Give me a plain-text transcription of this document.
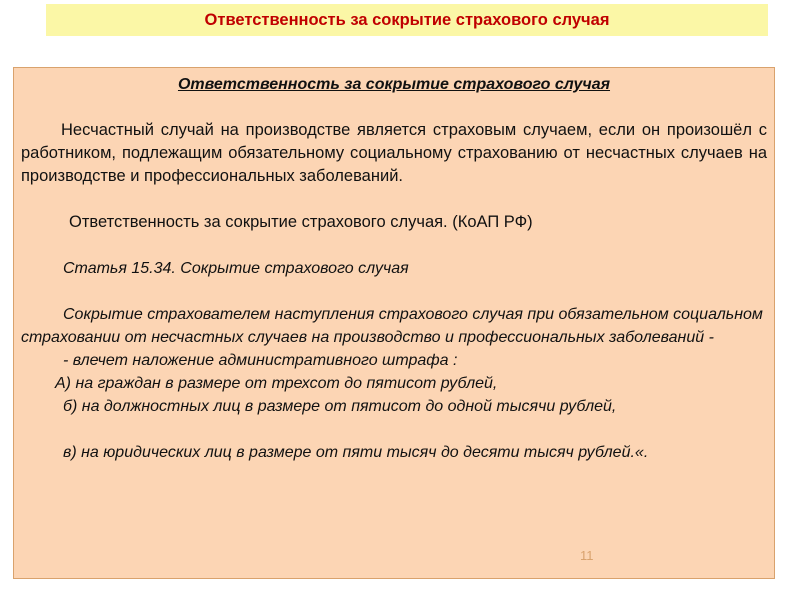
Ответственность за сокрытие страхового случая

Ответственность за сокрытие страхового случая

Несчастный случай на производстве является страховым случаем, если он произошёл с работником, подлежащим обязательному социальному страхованию от несчастных случаев на производстве и профессиональных заболеваний.

Ответственность за сокрытие страхового случая. (КоАП РФ)

Статья 15.34. Сокрытие страхового случая

Сокрытие страхователем наступления страхового случая при обязательном социальном страховании от несчастных случаев на производство и профессиональных заболеваний -

- влечет наложение административного штрафа :
А) на граждан в размере от трехсот до пятисот рублей,
б) на должностных лиц в размере от пятисот до одной тысячи рублей,

в) на юридических лиц в размере от пяти тысяч до десяти тысяч рублей.«.

11
